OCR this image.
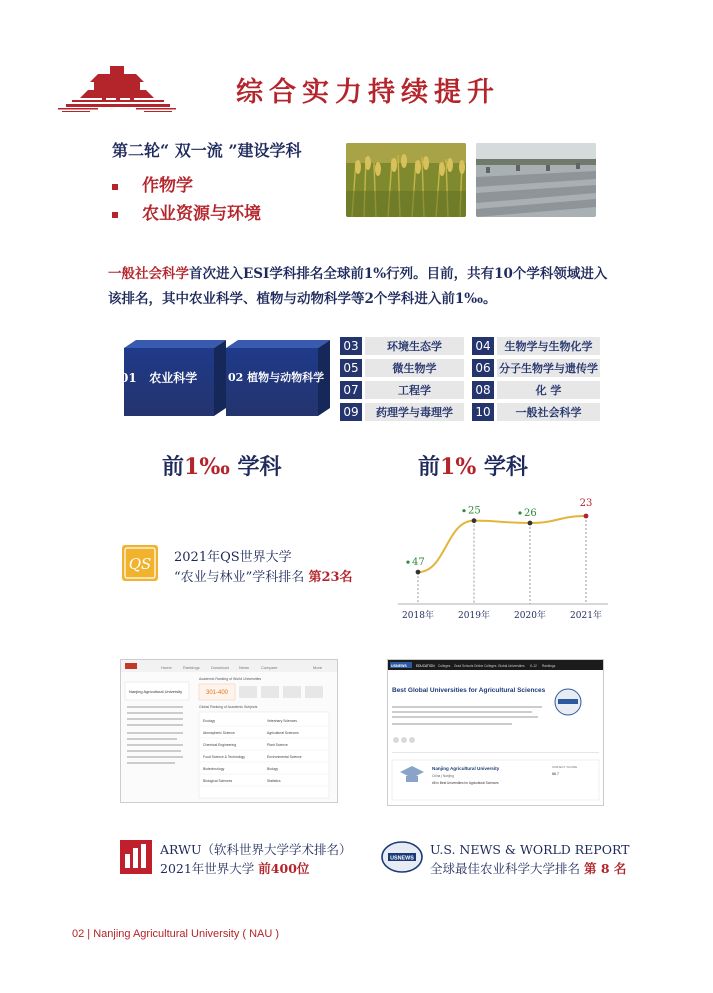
综合实力持续提升
第二轮“ 双一流 ”建设学科
作物学
农业资源与环境
一般社会科学首次进入ESI学科排名全球前1%行列。目前，共有10个学科领域进入该排名，其中农业科学、植物与动物科学等2个学科进入前1‰。
01 农业科学	02 植物与动物科学
03	环境生态学	04	生物学与生物化学
05	微生物学	06 分子生物学与遗传学
07	工程学	08	化 学
09	药理学与毒理学	10	一般社会科学
前1‰ 学科	前1% 学科
QS 2021年QS世界大学
“农业与林业”学科排名 第23名
47
25	26
23
2018年	2019年	2020年	2021年
Home	Rankings	Download	News	Compare	More
Nanjing Agricultural University
Academic Ranking of World Universities
301-400
Global Ranking of Academic Subjects
Ecology
Atmospheric Science
Chemical Engineering
Food Science & Technology
Biotechnology
Biological Sciences
Veterinary Sciences
Agricultural Sciences
Plant Science
Environmental Science
Biology
Statistics
USNEWS	EDUCATION Colleges Grad Schools Online Colleges Global Universities K-12 Rankings
Best Global Universities for Agricultural Sciences
Nanjing Agricultural University
China | Nanjing
#8 in Best Universities for Agricultural Sciences
SUBJECT SCORE
86.7
ARWU（软科世界大学学术排名）
2021年世界大学 前400位
USNEWS
U.S. NEWS & WORLD REPORT
全球最佳农业科学大学排名 第 8 名
02 | Nanjing Agricultural University ( NAU )
